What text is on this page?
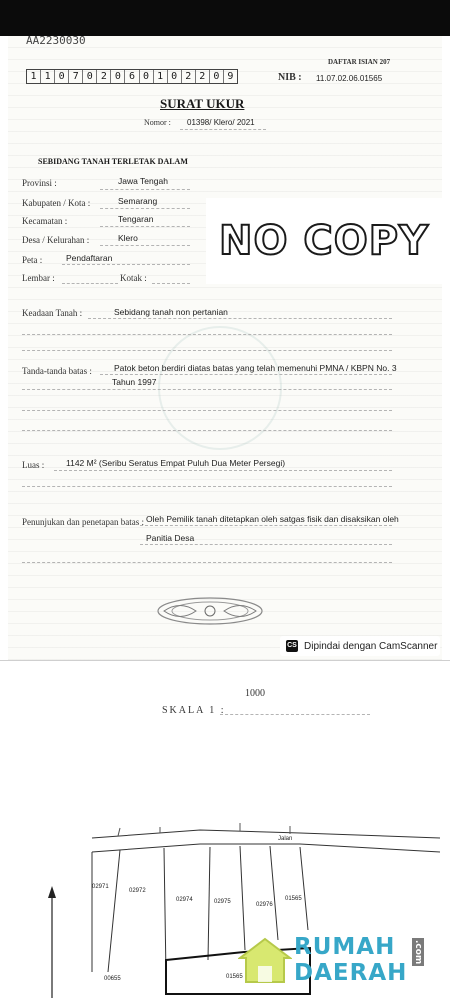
AA2230030
DAFTAR ISIAN 207
1 1 0 7 0 2 0 6 0 1 0 2 2 0 9	NIB : 11.07.02.06.01565
SURAT UKUR
Nomor : 01398/ Klero/ 2021
SEBIDANG TANAH TERLETAK DALAM
Provinsi :	Jawa Tengah
Kabupaten / Kota :	Semarang
Kecamatan :	Tengaran
Desa / Kelurahan :	Klero
Peta :	Pendaftaran
Lembar :	Kotak :
Keadaan Tanah :	Sebidang tanah non pertanian
Tanda-tanda batas :	Patok beton berdiri diatas batas yang telah memenuhi PMNA / KBPN No. 3
Tahun 1997
Luas :	1142 M² (Seribu Seratus Empat Puluh Dua Meter Persegi)
Penunjukan dan penetapan batas : Oleh Pemilik tanah ditetapkan oleh satgas fisik dan disaksikan oleh
Panitia Desa
NO COPY
CS Dipindai dengan CamScanner
1000
SKALA 1 :
Jalan
02971
02972
02974	02975	02976
01565
00655	01565
RUMAH
DAERAH
.com
